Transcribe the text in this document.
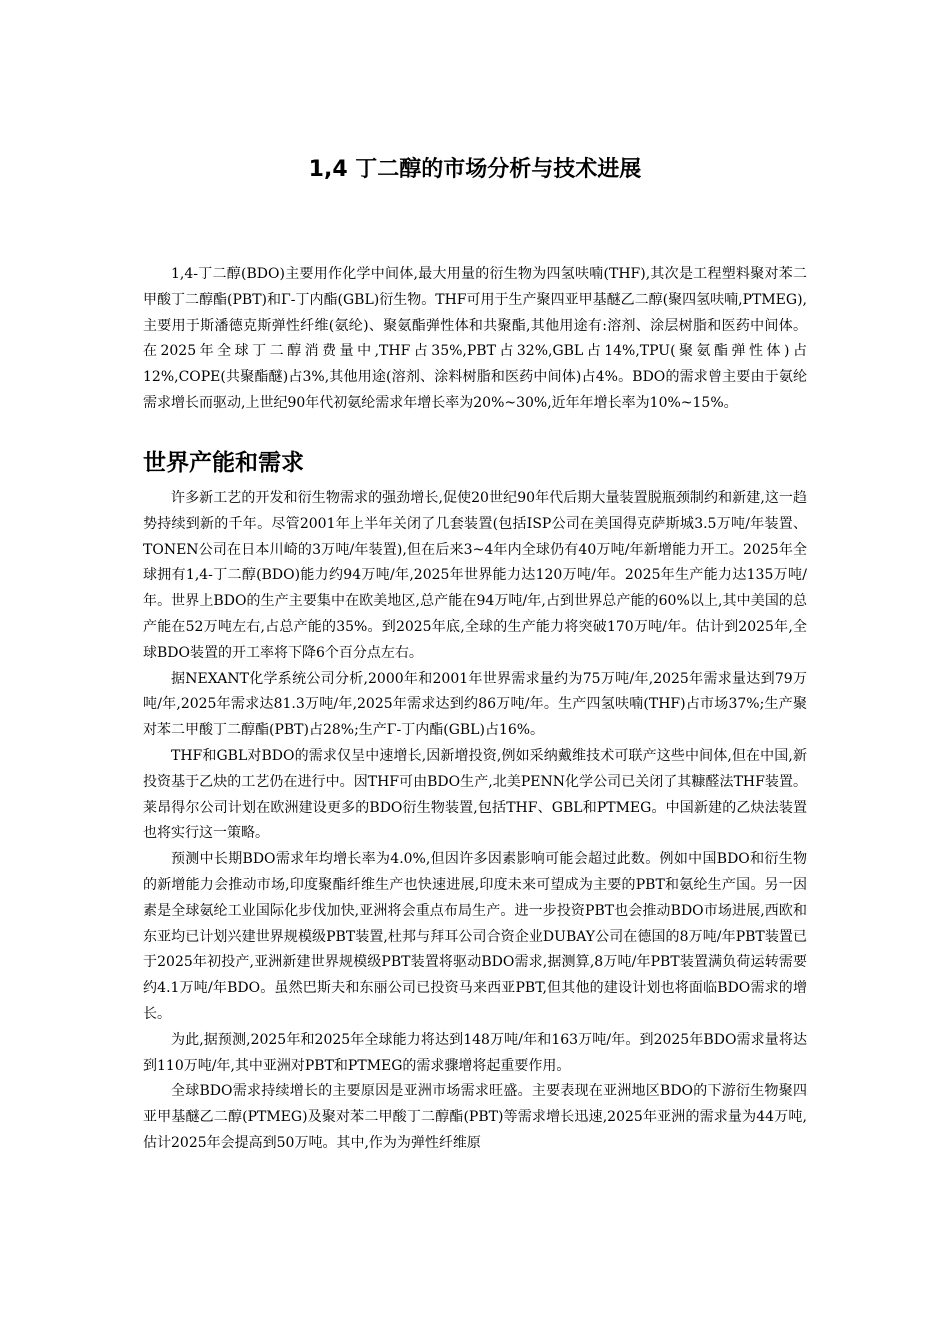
1,4 丁二醇的市场分析与技术进展

1,4-丁二醇(BDO)主要用作化学中间体,最大用量的衍生物为四氢呋喃(THF),其次是工程塑料聚对苯二甲酸丁二醇酯(PBT)和Γ-丁内酯(GBL)衍生物。THF可用于生产聚四亚甲基醚乙二醇(聚四氢呋喃,PTMEG),主要用于斯潘德克斯弹性纤维(氨纶)、聚氨酯弹性体和共聚酯,其他用途有:溶剂、涂层树脂和医药中间体。在2025年全球丁二醇消费量中,THF占35%,PBT占32%,GBL占14%,TPU(聚氨酯弹性体)占12%,COPE(共聚酯醚)占3%,其他用途(溶剂、涂料树脂和医药中间体)占4%。BDO的需求曾主要由于氨纶需求增长而驱动,上世纪90年代初氨纶需求年增长率为20%~30%,近年年增长率为10%~15%。

世界产能和需求

许多新工艺的开发和衍生物需求的强劲增长,促使20世纪90年代后期大量装置脱瓶颈制约和新建,这一趋势持续到新的千年。尽管2001年上半年关闭了几套装置(包括ISP公司在美国得克萨斯城3.5万吨/年装置、TONEN公司在日本川崎的3万吨/年装置),但在后来3~4年内全球仍有40万吨/年新增能力开工。2025年全球拥有1,4-丁二醇(BDO)能力约94万吨/年,2025年世界能力达120万吨/年。2025年生产能力达135万吨/年。世界上BDO的生产主要集中在欧美地区,总产能在94万吨/年,占到世界总产能的60%以上,其中美国的总产能在52万吨左右,占总产能的35%。到2025年底,全球的生产能力将突破170万吨/年。估计到2025年,全球BDO装置的开工率将下降6个百分点左右。

据NEXANT化学系统公司分析,2000年和2001年世界需求量约为75万吨/年,2025年需求量达到79万吨/年,2025年需求达81.3万吨/年,2025年需求达到约86万吨/年。生产四氢呋喃(THF)占市场37%;生产聚对苯二甲酸丁二醇酯(PBT)占28%;生产Γ-丁内酯(GBL)占16%。

THF和GBL对BDO的需求仅呈中速增长,因新增投资,例如采纳戴维技术可联产这些中间体,但在中国,新投资基于乙炔的工艺仍在进行中。因THF可由BDO生产,北美PENN化学公司已关闭了其糠醛法THF装置。莱昂得尔公司计划在欧洲建设更多的BDO衍生物装置,包括THF、GBL和PTMEG。中国新建的乙炔法装置也将实行这一策略。

预测中长期BDO需求年均增长率为4.0%,但因许多因素影响可能会超过此数。例如中国BDO和衍生物的新增能力会推动市场,印度聚酯纤维生产也快速进展,印度未来可望成为主要的PBT和氨纶生产国。另一因素是全球氨纶工业国际化步伐加快,亚洲将会重点布局生产。进一步投资PBT也会推动BDO市场进展,西欧和东亚均已计划兴建世界规模级PBT装置,杜邦与拜耳公司合资企业DUBAY公司在德国的8万吨/年PBT装置已于2025年初投产,亚洲新建世界规模级PBT装置将驱动BDO需求,据测算,8万吨/年PBT装置满负荷运转需要约4.1万吨/年BDO。虽然巴斯夫和东丽公司已投资马来西亚PBT,但其他的建设计划也将面临BDO需求的增长。

为此,据预测,2025年和2025年全球能力将达到148万吨/年和163万吨/年。到2025年BDO需求量将达到110万吨/年,其中亚洲对PBT和PTMEG的需求骤增将起重要作用。

全球BDO需求持续增长的主要原因是亚洲市场需求旺盛。主要表现在亚洲地区BDO的下游衍生物聚四亚甲基醚乙二醇(PTMEG)及聚对苯二甲酸丁二醇酯(PBT)等需求增长迅速,2025年亚洲的需求量为44万吨,估计2025年会提高到50万吨。其中,作为为弹性纤维原
